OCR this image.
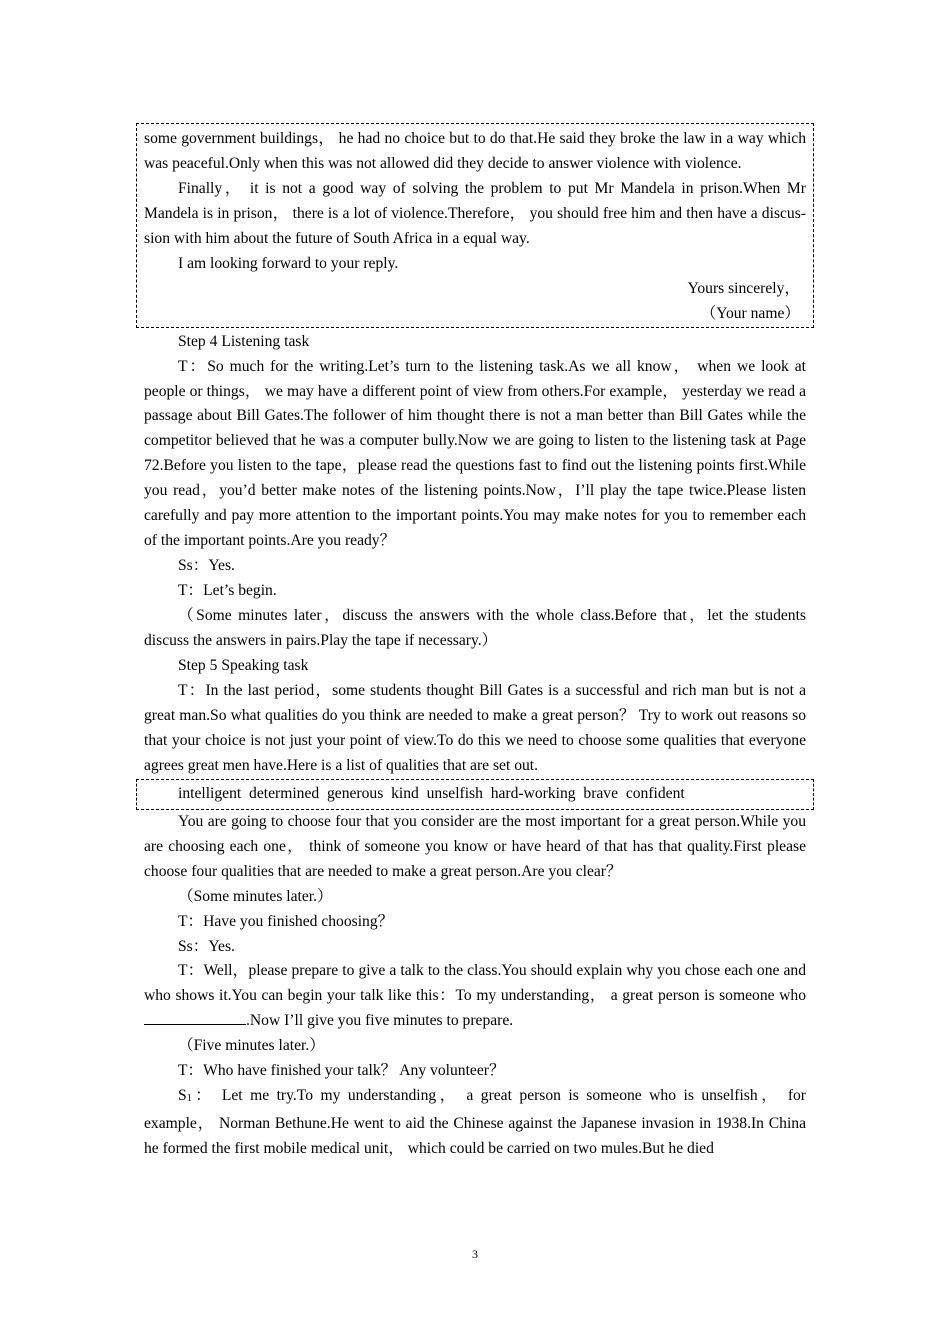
some government buildings， he had no choice but to do that.He said they broke the law in a way which was peaceful.Only when this was not allowed did they decide to answer violence with violence.

Finally， it is not a good way of solving the problem to put Mr Mandela in prison.When Mr Mandela is in prison， there is a lot of violence.Therefore， you should free him and then have a discus-sion with him about the future of South Africa in a equal way.

I am looking forward to your reply.

Yours sincerely，

（Your name）

Step 4 Listening task

T：So much for the writing.Let’s turn to the listening task.As we all know， when we look at people or things， we may have a different point of view from others.For example， yesterday we read a passage about Bill Gates.The follower of him thought there is not a man better than Bill Gates while the competitor believed that he was a computer bully.Now we are going to listen to the listening task at Page 72.Before you listen to the tape，please read the questions fast to find out the listening points first.While you read，you’d better make notes of the listening points.Now，I’ll play the tape twice.Please listen carefully and pay more attention to the important points.You may make notes for you to remember each of the important points.Are you ready？

Ss：Yes.

T：Let’s begin.

（Some minutes later，discuss the answers with the whole class.Before that，let the students discuss the answers in pairs.Play the tape if necessary.）

Step 5 Speaking task

T：In the last period，some students thought Bill Gates is a successful and rich man but is not a great man.So what qualities do you think are needed to make a great person？ Try to work out reasons so that your choice is not just your point of view.To do this we need to choose some qualities that everyone agrees great men have.Here is a list of qualities that are set out.

intelligent determined generous kind unselfish hard-working brave confident

You are going to choose four that you consider are the most important for a great person.While you are choosing each one， think of someone you know or have heard of that has that quality.First please choose four qualities that are needed to make a great person.Are you clear？

（Some minutes later.）

T：Have you finished choosing？

Ss：Yes.

T：Well，please prepare to give a talk to the class.You should explain why you chose each one and who shows it.You can begin your talk like this：To my understanding， a great person is someone who .Now I’ll give you five minutes to prepare.

（Five minutes later.）

T：Who have finished your talk？ Any volunteer？

S1： Let me try.To my understanding， a great person is someone who is unselfish， for example， Norman Bethune.He went to aid the Chinese against the Japanese invasion in 1938.In China he formed the first mobile medical unit， which could be carried on two mules.But he died

3
